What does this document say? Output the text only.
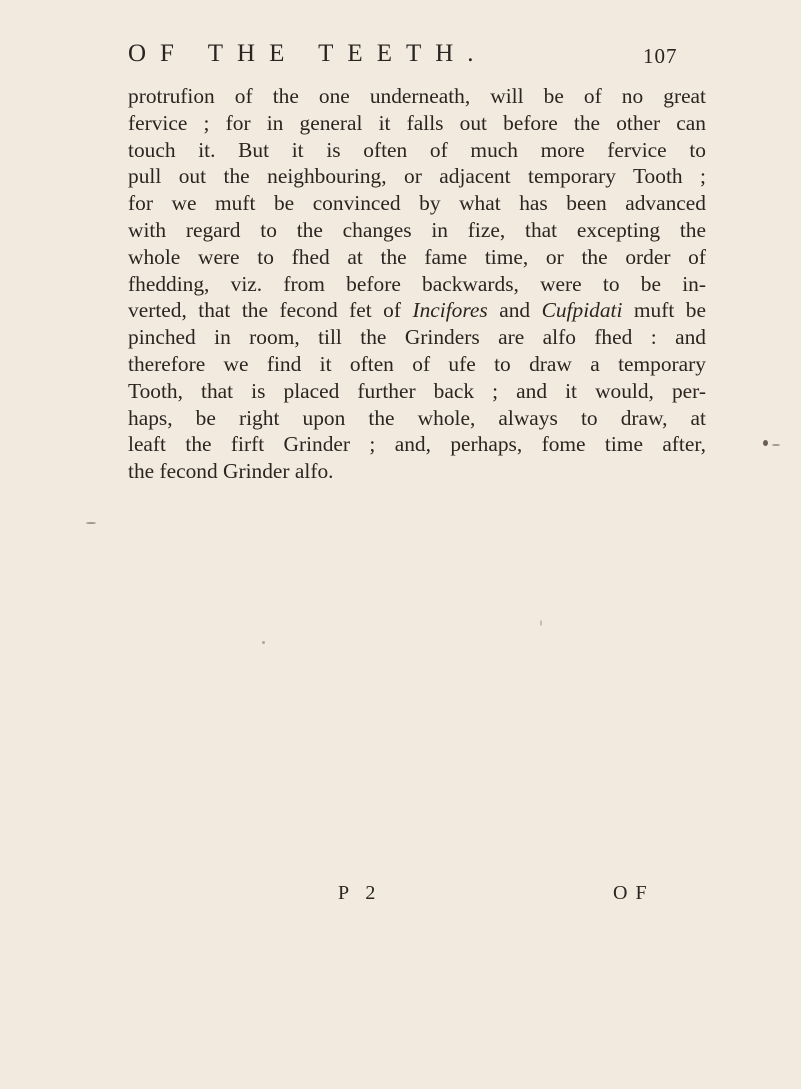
OF THE TEETH.	107
protrufion of the one underneath, will be of no great
fervice ; for in general it falls out before the other can
touch it. But it is often of much more fervice to
pull out the neighbouring, or adjacent temporary Tooth ;
for we muft be convinced by what has been advanced
with regard to the changes in fize, that excepting the
whole were to fhed at the fame time, or the order of
fhedding, viz. from before backwards, were to be in-
verted, that the fecond fet of Incifores and Cufpidati muft be
pinched in room, till the Grinders are alfo fhed : and
therefore we find it often of ufe to draw a temporary
Tooth, that is placed further back ; and it would, per-
haps, be right upon the whole, always to draw, at
leaft the firft Grinder ; and, perhaps, fome time after,
the fecond Grinder alfo.
P 2	OF
